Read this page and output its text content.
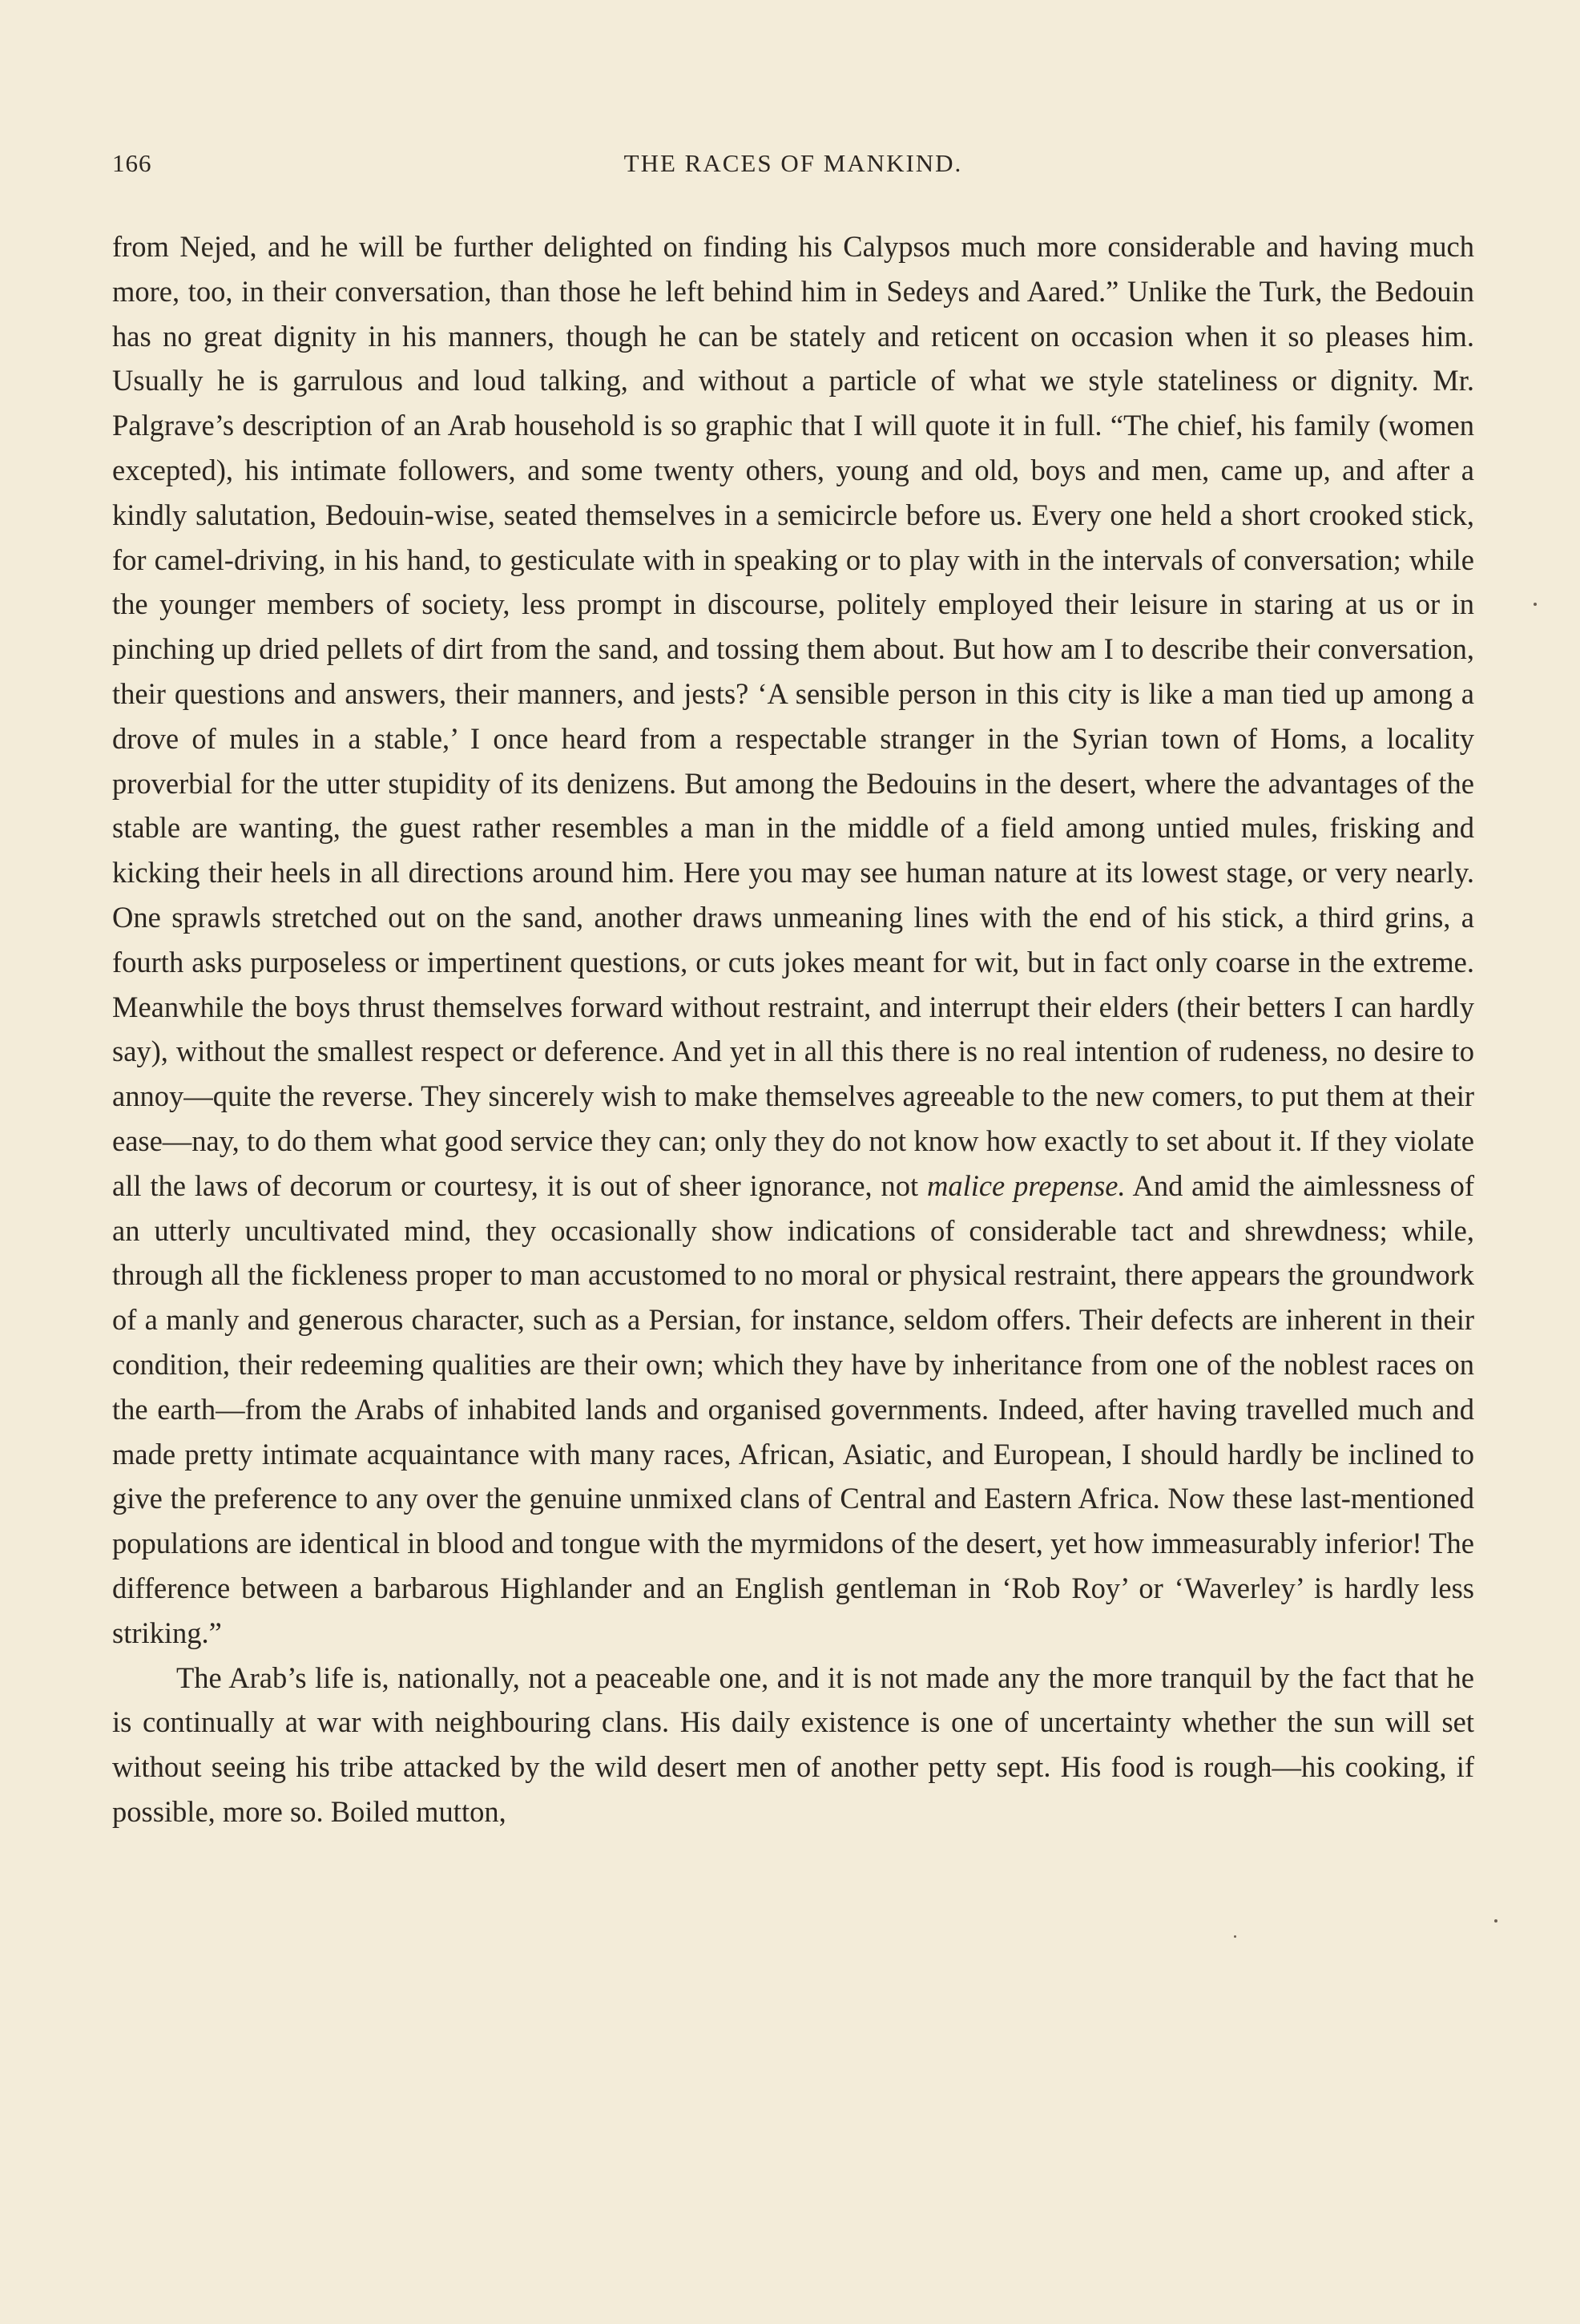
166	THE RACES OF MANKIND.

from Nejed, and he will be further delighted on finding his Calypsos much more considerable and having much more, too, in their conversation, than those he left behind him in Sedeys and Aared.” Unlike the Turk, the Bedouin has no great dignity in his manners, though he can be stately and reticent on occasion when it so pleases him. Usually he is garrulous and loud talking, and without a particle of what we style stateliness or dignity. Mr. Palgrave’s description of an Arab household is so graphic that I will quote it in full. “The chief, his family (women excepted), his intimate followers, and some twenty others, young and old, boys and men, came up, and after a kindly salutation, Bedouin-wise, seated themselves in a semicircle before us. Every one held a short crooked stick, for camel-driving, in his hand, to gesticulate with in speaking or to play with in the intervals of conversation; while the younger members of society, less prompt in discourse, politely employed their leisure in staring at us or in pinching up dried pellets of dirt from the sand, and tossing them about. But how am I to describe their conversation, their questions and answers, their manners, and jests? ‘A sensible person in this city is like a man tied up among a drove of mules in a stable,’ I once heard from a respectable stranger in the Syrian town of Homs, a locality proverbial for the utter stupidity of its denizens. But among the Bedouins in the desert, where the advantages of the stable are wanting, the guest rather resembles a man in the middle of a field among untied mules, frisking and kicking their heels in all directions around him. Here you may see human nature at its lowest stage, or very nearly. One sprawls stretched out on the sand, another draws unmeaning lines with the end of his stick, a third grins, a fourth asks purposeless or impertinent questions, or cuts jokes meant for wit, but in fact only coarse in the extreme. Meanwhile the boys thrust themselves forward without restraint, and interrupt their elders (their betters I can hardly say), without the smallest respect or deference. And yet in all this there is no real intention of rudeness, no desire to annoy—quite the reverse. They sincerely wish to make themselves agreeable to the new comers, to put them at their ease—nay, to do them what good service they can; only they do not know how exactly to set about it. If they violate all the laws of decorum or courtesy, it is out of sheer ignorance, not malice prepense. And amid the aimlessness of an utterly uncultivated mind, they occasionally show indications of considerable tact and shrewdness; while, through all the fickleness proper to man accustomed to no moral or physical restraint, there appears the groundwork of a manly and generous character, such as a Persian, for instance, seldom offers. Their defects are inherent in their condition, their redeeming qualities are their own; which they have by inheritance from one of the noblest races on the earth—from the Arabs of inhabited lands and organised governments. Indeed, after having travelled much and made pretty intimate acquaintance with many races, African, Asiatic, and European, I should hardly be inclined to give the preference to any over the genuine unmixed clans of Central and Eastern Africa. Now these last-mentioned populations are identical in blood and tongue with the myrmidons of the desert, yet how immeasurably inferior! The difference between a barbarous Highlander and an English gentleman in ‘Rob Roy’ or ‘Waverley’ is hardly less striking.”

The Arab’s life is, nationally, not a peaceable one, and it is not made any the more tranquil by the fact that he is continually at war with neighbouring clans. His daily existence is one of uncertainty whether the sun will set without seeing his tribe attacked by the wild desert men of another petty sept. His food is rough—his cooking, if possible, more so. Boiled mutton,
